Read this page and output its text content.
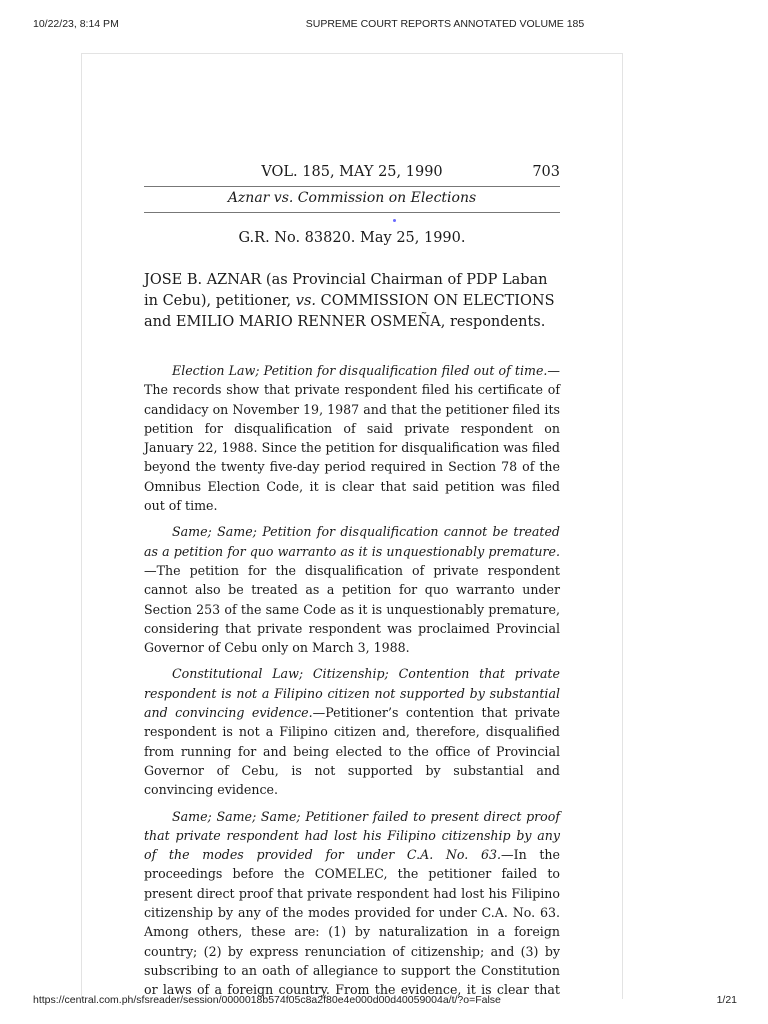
10/22/23, 8:14 PM	SUPREME COURT REPORTS ANNOTATED VOLUME 185
VOL. 185, MAY 25, 1990	703
Aznar vs. Commission on Elections
G.R. No. 83820. May 25, 1990.
JOSE B. AZNAR (as Provincial Chairman of PDP Laban in Cebu), petitioner, vs. COMMISSION ON ELECTIONS and EMILIO MARIO RENNER OSMEÑA, respondents.

Election Law; Petition for disqualification filed out of time.—The records show that private respondent filed his certificate of candidacy on November 19, 1987 and that the petitioner filed its petition for disqualification of said private respondent on January 22, 1988. Since the petition for disqualification was filed beyond the twenty five-day period required in Section 78 of the Omnibus Election Code, it is clear that said petition was filed out of time.

Same; Same; Petition for disqualification cannot be treated as a petition for quo warranto as it is unquestionably premature.—The petition for the disqualification of private respondent cannot also be treated as a petition for quo warranto under Section 253 of the same Code as it is unquestionably premature, considering that private respondent was proclaimed Provincial Governor of Cebu only on March 3, 1988.

Constitutional Law; Citizenship; Contention that private respondent is not a Filipino citizen not supported by substantial and convincing evidence.—Petitioner’s contention that private respondent is not a Filipino citizen and, therefore, disqualified from running for and being elected to the office of Provincial Governor of Cebu, is not supported by substantial and convincing evidence.

Same; Same; Same; Petitioner failed to present direct proof that private respondent had lost his Filipino citizenship by any of the modes provided for under C.A. No. 63.—In the proceedings before the COMELEC, the petitioner failed to present direct proof that private respondent had lost his Filipino citizenship by any of the modes provided for under C.A. No. 63. Among others, these are: (1) by naturalization in a foreign country; (2) by express renunciation of citizenship; and (3) by subscribing to an oath of allegiance to support the Constitution or laws of a foreign country. From the evidence, it is clear that

https://central.com.ph/sfsreader/session/0000018b574f05c8a2f80e4e000d00d40059004a/t/?o=False	1/21
